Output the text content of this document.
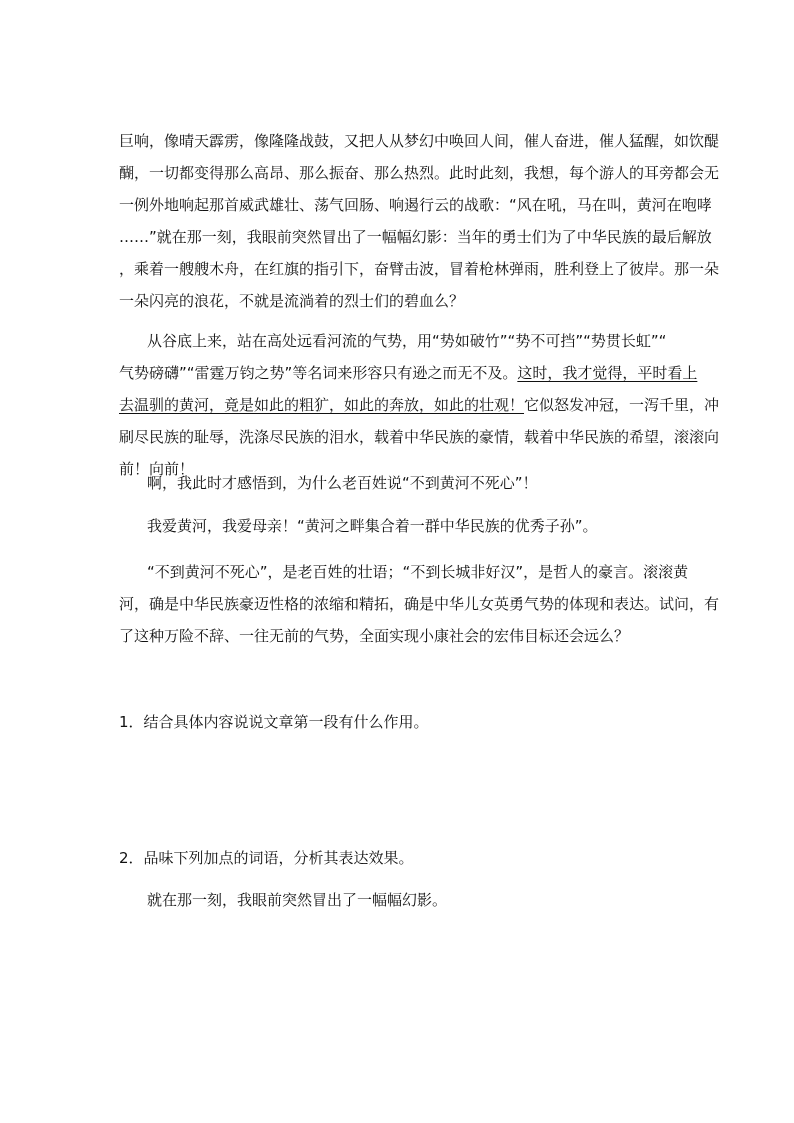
巨响，像晴天霹雳，像隆隆战鼓，又把人从梦幻中唤回人间，催人奋进，催人猛醒，如饮醍
醐，一切都变得那么高昂、那么振奋、那么热烈。此时此刻，我想，每个游人的耳旁都会无
一例外地响起那首威武雄壮、荡气回肠、响遏行云的战歌：“风在吼，马在叫，黄河在咆哮
……”就在那一刻，我眼前突然冒出了一幅幅幻影：当年的勇士们为了中华民族的最后解放
，乘着一艘艘木舟，在红旗的指引下，奋臂击波，冒着枪林弹雨，胜利登上了彼岸。那一朵
一朵闪亮的浪花，不就是流淌着的烈士们的碧血么？
从谷底上来，站在高处远看河流的气势，用“势如破竹”“势不可挡”“势贯长虹”“
气势磅礴”“雷霆万钧之势”等名词来形容只有逊之而无不及。这时，我才觉得，平时看上
去温驯的黄河，竟是如此的粗犷，如此的奔放，如此的壮观！它似怒发冲冠，一泻千里，冲
刷尽民族的耻辱，洗涤尽民族的泪水，载着中华民族的豪情，载着中华民族的希望，滚滚向
前！向前！
啊，我此时才感悟到，为什么老百姓说“不到黄河不死心”！
我爱黄河，我爱母亲！“黄河之畔集合着一群中华民族的优秀子孙”。
“不到黄河不死心”，是老百姓的壮语；“不到长城非好汉”，是哲人的豪言。滚滚黄
河，确是中华民族豪迈性格的浓缩和精拓，确是中华儿女英勇气势的体现和表达。试问，有
了这种万险不辞、一往无前的气势，全面实现小康社会的宏伟目标还会远么？
1．结合具体内容说说文章第一段有什么作用。
2．品味下列加点的词语，分析其表达效果。
就在那一刻，我眼前突然冒出了一幅幅幻影。
